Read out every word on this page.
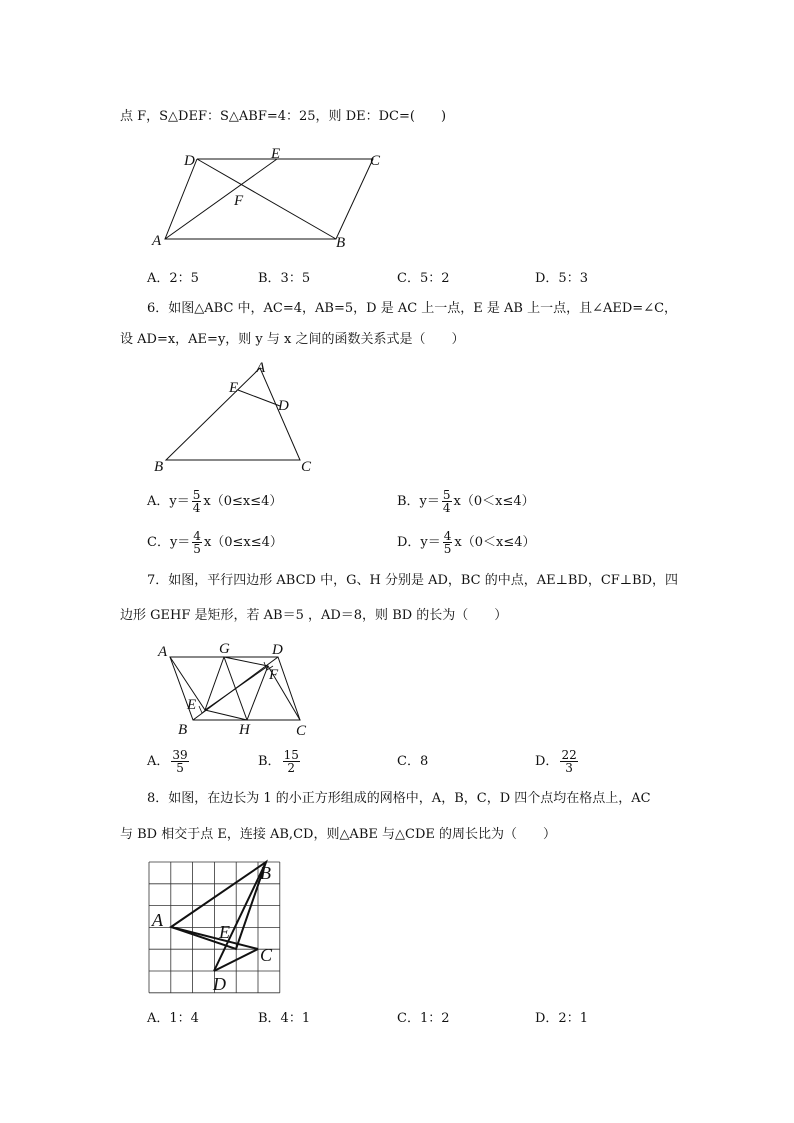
点 F，S△DEF：S△ABF=4：25，则 DE：DC=(　　)
D	E	C
F
A	B
A．2：5	B．3：5	C．5：2	D．5：3
6．如图△ABC 中，AC=4，AB=5，D 是 AC 上一点，E 是 AB 上一点，且∠AED=∠C，
设 AD=x，AE=y，则 y 与 x 之间的函数关系式是（　　）
A
E
D
B	C
A．$y= \frac{5}{4} x(0\le x\le 4)$	B．$y= \frac{5}{4} x(0<x\le 4)$
C．$y= \frac{4}{5} x(0\le x\le 4)$	D．$y= \frac{4}{5} x(0<x\le 4)$
7．如图，平行四边形 ABCD 中，G、H 分别是 AD，BC 的中点，AE⊥BD，CF⊥BD，四
边形 GEHF 是矩形，若 AB＝5 ，AD＝8，则 BD 的长为（　　）
A	G	D
F
E
B	H	C
A． $\frac{39}{5}$	B． $\frac{15}{2}$	C．8	D． $\frac{22}{3}$
8．如图，在边长为 1 的小正方形组成的网格中，A，B，C，D 四个点均在格点上，AC
与 BD 相交于点 E，连接 AB,CD，则△ABE 与△CDE 的周长比为（　　）
A
B
E
C
D
A．1：4	B．4：1	C．1：2	D．2：1
